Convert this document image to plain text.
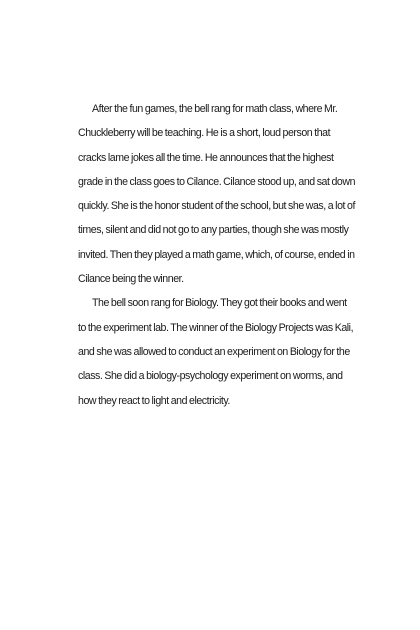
After the fun games, the bell rang for math class, where Mr. Chuckleberry will be teaching. He is a short, loud person that cracks lame jokes all the time. He announces that the highest grade in the class goes to Cilance. Cilance stood up, and sat down quickly. She is the honor student of the school, but she was, a lot of times, silent and did not go to any parties, though she was mostly invited. Then they played a math game, which, of course, ended in Cilance being the winner.

The bell soon rang for Biology. They got their books and went to the experiment lab. The winner of the Biology Projects was Kali, and she was allowed to conduct an experiment on Biology for the class. She did a biology-psychology experiment on worms, and how they react to light and electricity.
